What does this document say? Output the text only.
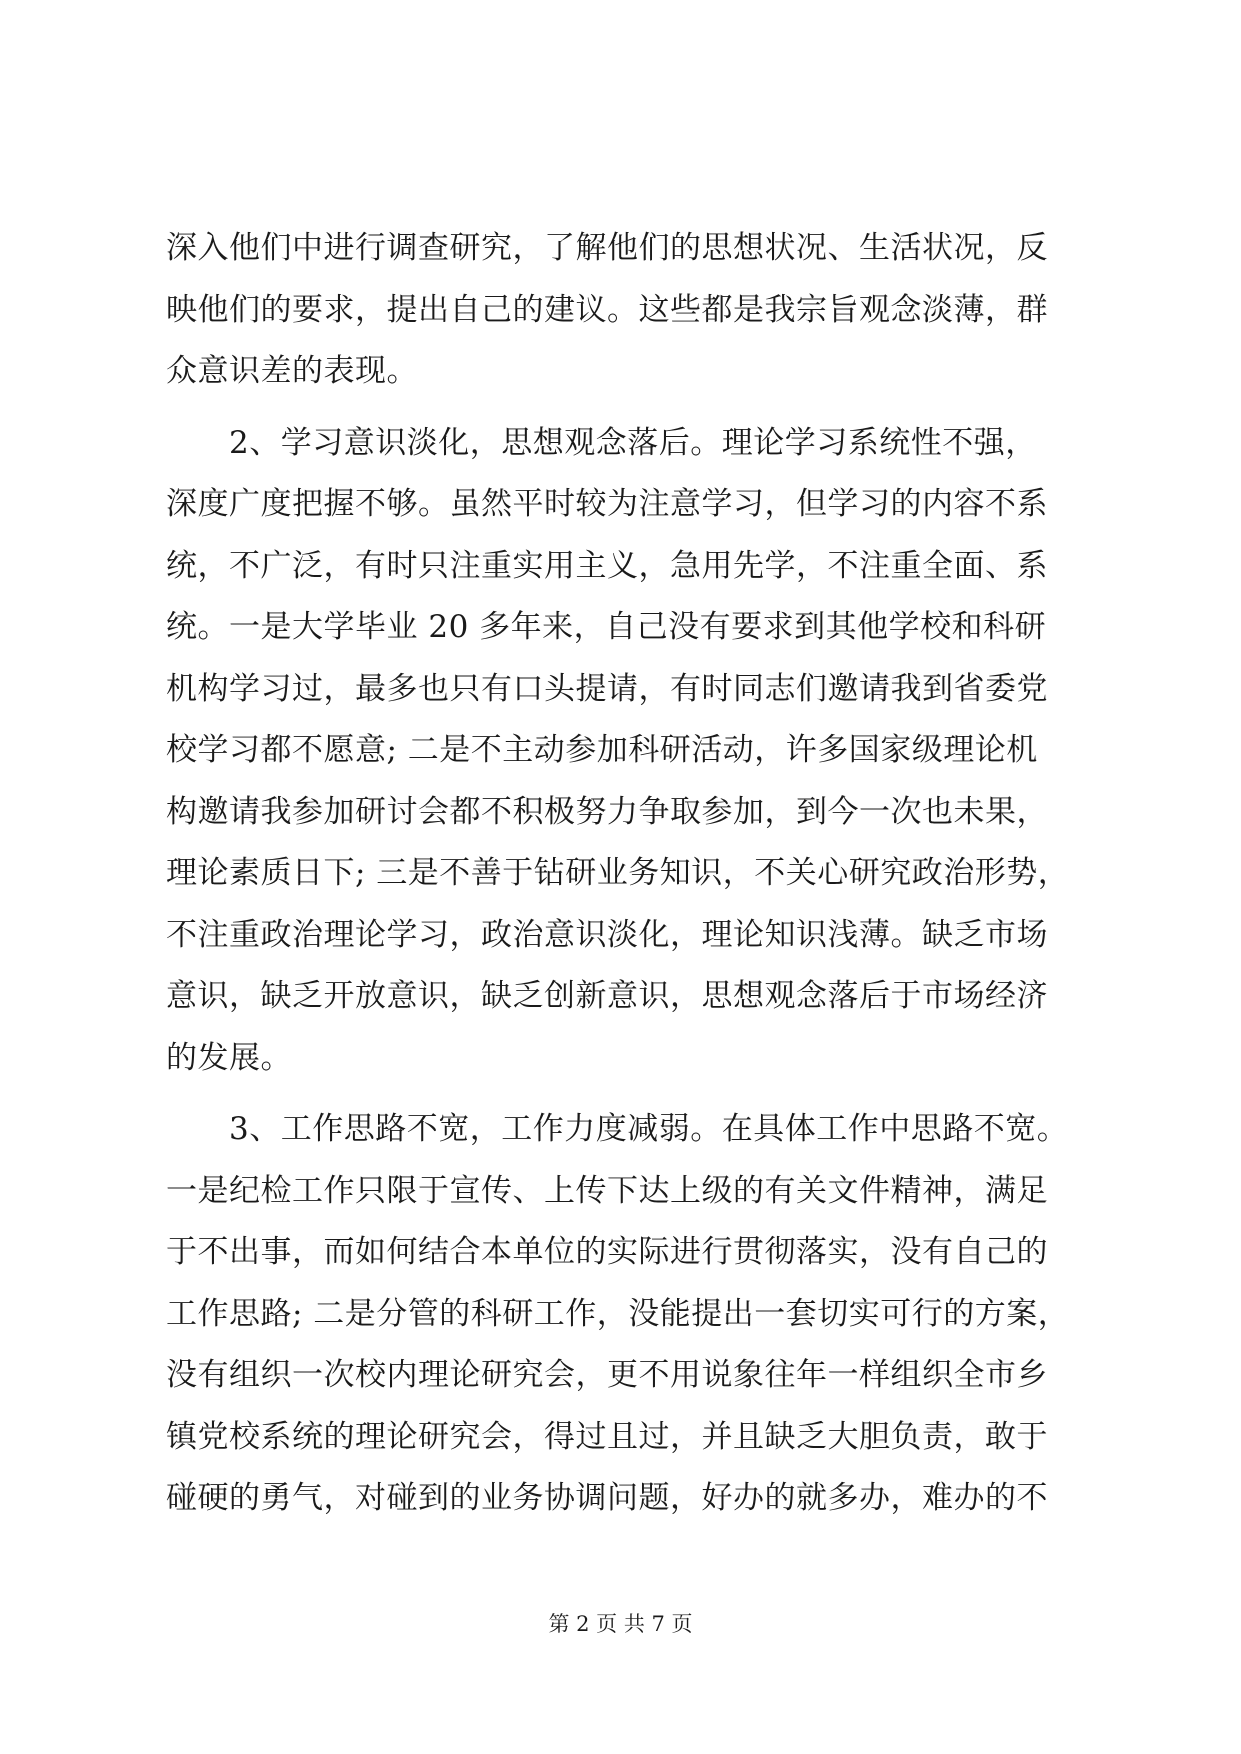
深入他们中进行调查研究，了解他们的思想状况、生活状况，反
映他们的要求，提出自己的建议。这些都是我宗旨观念淡薄，群
众意识差的表现。
　　2、学习意识淡化，思想观念落后。理论学习系统性不强，
深度广度把握不够。虽然平时较为注意学习，但学习的内容不系
统，不广泛，有时只注重实用主义，急用先学，不注重全面、系
统。一是大学毕业 20 多年来，自己没有要求到其他学校和科研
机构学习过，最多也只有口头提请，有时同志们邀请我到省委党
校学习都不愿意; 二是不主动参加科研活动，许多国家级理论机
构邀请我参加研讨会都不积极努力争取参加，到今一次也未果，
理论素质日下; 三是不善于钻研业务知识，不关心研究政治形势，
不注重政治理论学习，政治意识淡化，理论知识浅薄。缺乏市场
意识，缺乏开放意识，缺乏创新意识，思想观念落后于市场经济
的发展。
　　3、工作思路不宽，工作力度减弱。在具体工作中思路不宽。
一是纪检工作只限于宣传、上传下达上级的有关文件精神，满足
于不出事，而如何结合本单位的实际进行贯彻落实，没有自己的
工作思路; 二是分管的科研工作，没能提出一套切实可行的方案，
没有组织一次校内理论研究会，更不用说象往年一样组织全市乡
镇党校系统的理论研究会，得过且过，并且缺乏大胆负责，敢于
碰硬的勇气，对碰到的业务协调问题，好办的就多办，难办的不
第 2 页 共 7 页
